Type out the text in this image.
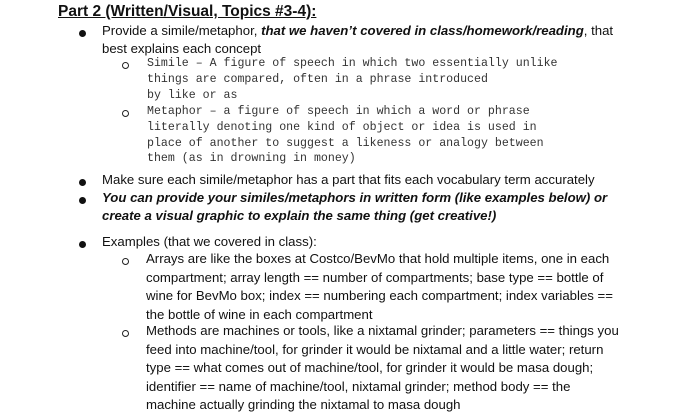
Part 2 (Written/Visual, Topics #3-4):
Provide a simile/metaphor, that we haven’t covered in class/homework/reading, that
best explains each concept
Simile – A figure of speech in which two essentially unlike
things are compared, often in a phrase introduced
by like or as
Metaphor – a figure of speech in which a word or phrase
literally denoting one kind of object or idea is used in
place of another to suggest a likeness or analogy between
them (as in drowning in money)
Make sure each simile/metaphor has a part that fits each vocabulary term accurately
You can provide your similes/metaphors in written form (like examples below) or
create a visual graphic to explain the same thing (get creative!)
Examples (that we covered in class):
Arrays are like the boxes at Costco/BevMo that hold multiple items, one in each
compartment; array length == number of compartments; base type == bottle of
wine for BevMo box; index == numbering each compartment; index variables ==
the bottle of wine in each compartment
Methods are machines or tools, like a nixtamal grinder; parameters == things you
feed into machine/tool, for grinder it would be nixtamal and a little water; return
type == what comes out of machine/tool, for grinder it would be masa dough;
identifier == name of machine/tool, nixtamal grinder; method body == the
machine actually grinding the nixtamal to masa dough
